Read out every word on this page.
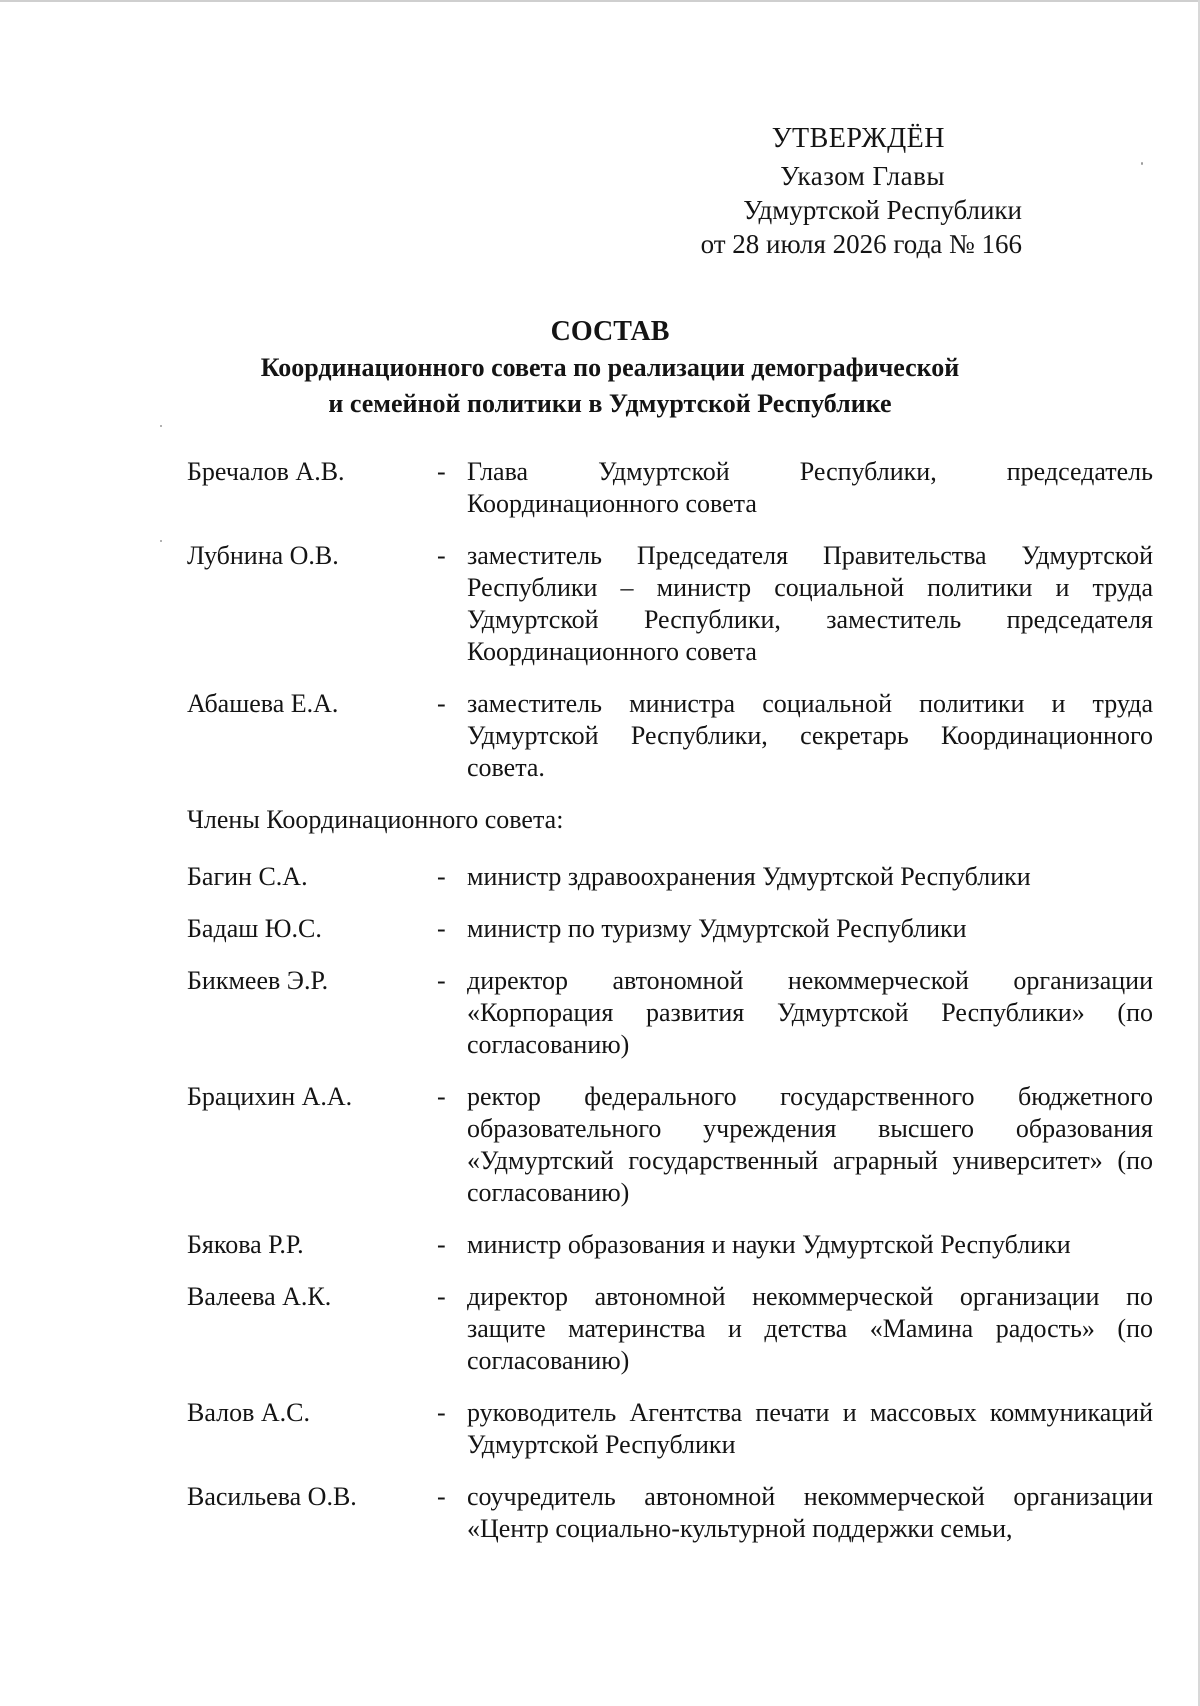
УТВЕРЖДЁН
Указом Главы
Удмуртской Республики
от 28 июля 2026 года № 166
СОСТАВ
Координационного совета по реализации демографической
и семейной политики в Удмуртской Республике
Бречалов А.В.	- Глава Удмуртской Республики, председатель Координационного совета
Лубнина О.В.	- заместитель Председателя Правительства Удмуртской Республики – министр социальной политики и труда Удмуртской Республики, заместитель председателя Координационного совета
Абашева Е.А.	- заместитель министра социальной политики и труда Удмуртской Республики, секретарь Координационного совета.
Члены Координационного совета:
Багин С.А.	- министр здравоохранения Удмуртской Республики
Бадаш Ю.С.	- министр по туризму Удмуртской Республики
Бикмеев Э.Р.	- директор автономной некоммерческой организации «Корпорация развития Удмуртской Республики» (по согласованию)
Брацихин А.А.	- ректор федерального государственного бюджетного образовательного учреждения высшего образования «Удмуртский государственный аграрный университет» (по согласованию)
Бякова Р.Р.	- министр образования и науки Удмуртской Республики
Валеева А.К.	- директор автономной некоммерческой организации по защите материнства и детства «Мамина радость» (по согласованию)
Валов А.С.	- руководитель Агентства печати и массовых коммуникаций Удмуртской Республики
Васильева О.В.	- соучредитель автономной некоммерческой организации «Центр социально-культурной поддержки семьи,
